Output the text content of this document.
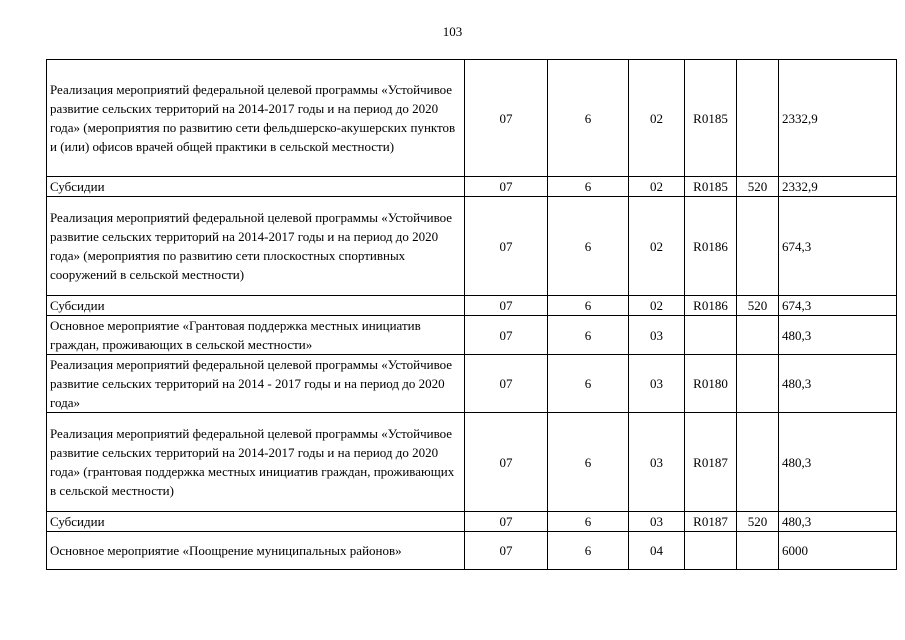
103
Реализация мероприятий федеральной целевой программы «Устойчивое развитие сельских территорий на 2014-2017 годы и на период до 2020 года» (мероприятия по развитию сети фельдшерско-акушерских пунктов и (или) офисов врачей общей практики в сельской местности)	07	6	02	R0185		2332,9
Субсидии	07	6	02	R0185	520	2332,9
Реализация мероприятий федеральной целевой программы «Устойчивое развитие сельских территорий на 2014-2017 годы и на период до 2020 года» (мероприятия по развитию сети плоскостных спортивных сооружений в сельской местности)	07	6	02	R0186		674,3
Субсидии	07	6	02	R0186	520	674,3
Основное мероприятие «Грантовая поддержка местных инициатив граждан, проживающих в сельской местности»	07	6	03			480,3
Реализация мероприятий федеральной целевой программы «Устойчивое развитие сельских территорий на 2014 - 2017 годы и на период до 2020 года»	07	6	03	R0180		480,3
Реализация мероприятий федеральной целевой программы «Устойчивое развитие сельских территорий на 2014-2017 годы и на период до 2020 года» (грантовая поддержка местных инициатив граждан, проживающих в сельской местности)	07	6	03	R0187		480,3
Субсидии	07	6	03	R0187	520	480,3
Основное мероприятие «Поощрение муниципальных районов»	07	6	04			6000
